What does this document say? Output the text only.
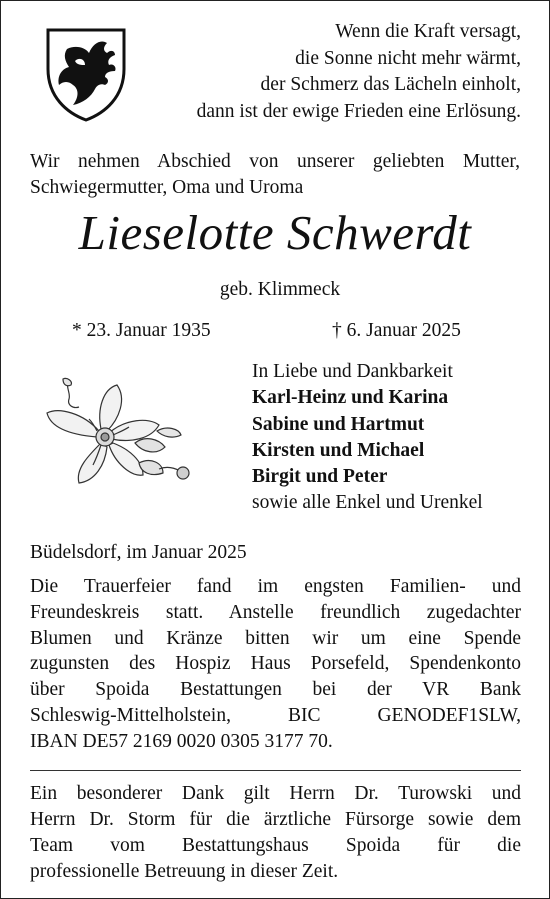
Wenn die Kraft versagt,
die Sonne nicht mehr wärmt,
der Schmerz das Lächeln einholt,
dann ist der ewige Frieden eine Erlösung.
Wir nehmen Abschied von unserer geliebten Mutter,
Schwiegermutter, Oma und Uroma
Lieselotte Schwerdt
geb. Klimmeck
* 23. Januar 1935	† 6. Januar 2025
In Liebe und Dankbarkeit
Karl-Heinz und Karina
Sabine und Hartmut
Kirsten und Michael
Birgit und Peter
sowie alle Enkel und Urenkel
Büdelsdorf, im Januar 2025
Die Trauerfeier fand im engsten Familien- und
Freundeskreis statt. Anstelle freundlich zugedachter
Blumen und Kränze bitten wir um eine Spende
zugunsten des Hospiz Haus Porsefeld, Spendenkonto
über Spoida Bestattungen bei der VR Bank
Schleswig-Mittelholstein, BIC GENODEF1SLW,
IBAN DE57 2169 0020 0305 3177 70.
Ein besonderer Dank gilt Herrn Dr. Turowski und
Herrn Dr. Storm für die ärztliche Fürsorge sowie dem
Team vom Bestattungshaus Spoida für die
professionelle Betreuung in dieser Zeit.
